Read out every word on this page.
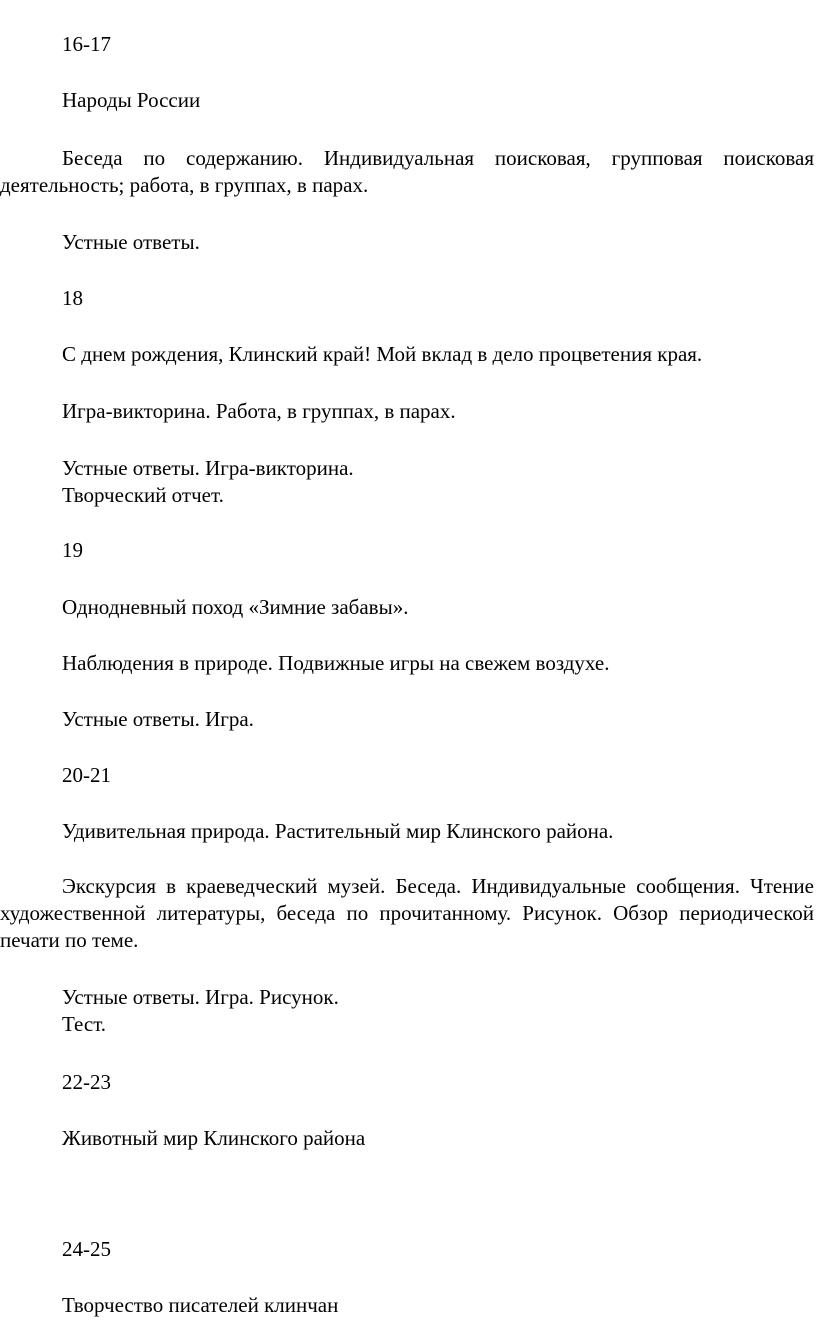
16-17

Народы России

Беседа по содержанию. Индивидуальная поисковая, групповая поисковая деятельность; работа, в группах, в парах.

Устные ответы.

18

С днем рождения, Клинский край! Мой вклад в дело процветения края.

Игра-викторина. Работа, в группах, в парах.

Устные ответы. Игра-викторина.
Творческий отчет.

19

Однодневный поход «Зимние забавы».

Наблюдения в природе. Подвижные игры на свежем воздухе.

Устные ответы. Игра.

20-21

Удивительная природа. Растительный мир Клинского района.

Экскурсия в краеведческий музей. Беседа. Индивидуальные сообщения. Чтение художественной литературы, беседа по прочитанному. Рисунок. Обзор периодической печати по теме.

Устные ответы. Игра. Рисунок.
Тест.

22-23

Животный мир Клинского района

24-25

Творчество писателей клинчан
